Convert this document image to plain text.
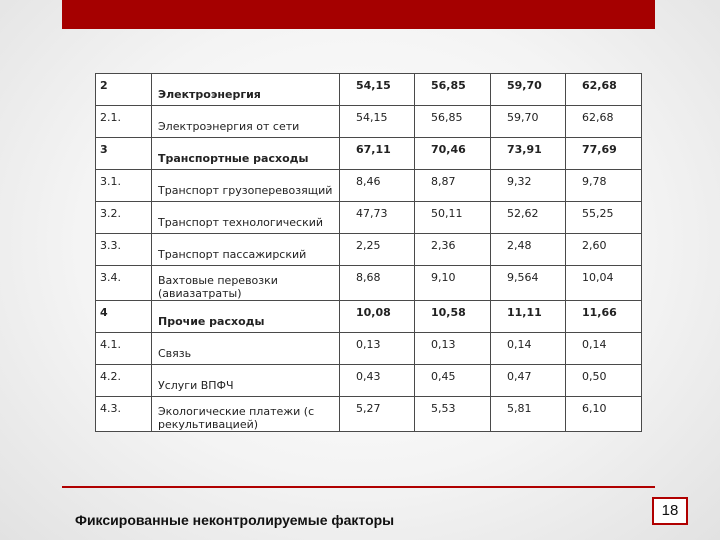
2	Электроэнергия	54,15	56,85	59,70	62,68
2.1.	Электроэнергия от сети	54,15	56,85	59,70	62,68
3	Транспортные расходы	67,11	70,46	73,91	77,69
3.1.	Транспорт грузоперевозящий	8,46	8,87	9,32	9,78
3.2.	Транспорт технологический	47,73	50,11	52,62	55,25
3.3.	Транспорт пассажирский	2,25	2,36	2,48	2,60
3.4.	Вахтовые перевозки (авиазатраты)	8,68	9,10	9,564	10,04
4	Прочие расходы	10,08	10,58	11,11	11,66
4.1.	Связь	0,13	0,13	0,14	0,14
4.2.	Услуги ВПФЧ	0,43	0,45	0,47	0,50
4.3.	Экологические платежи (с рекультивацией)	5,27	5,53	5,81	6,10
Фиксированные неконтролируемые факторы
18
